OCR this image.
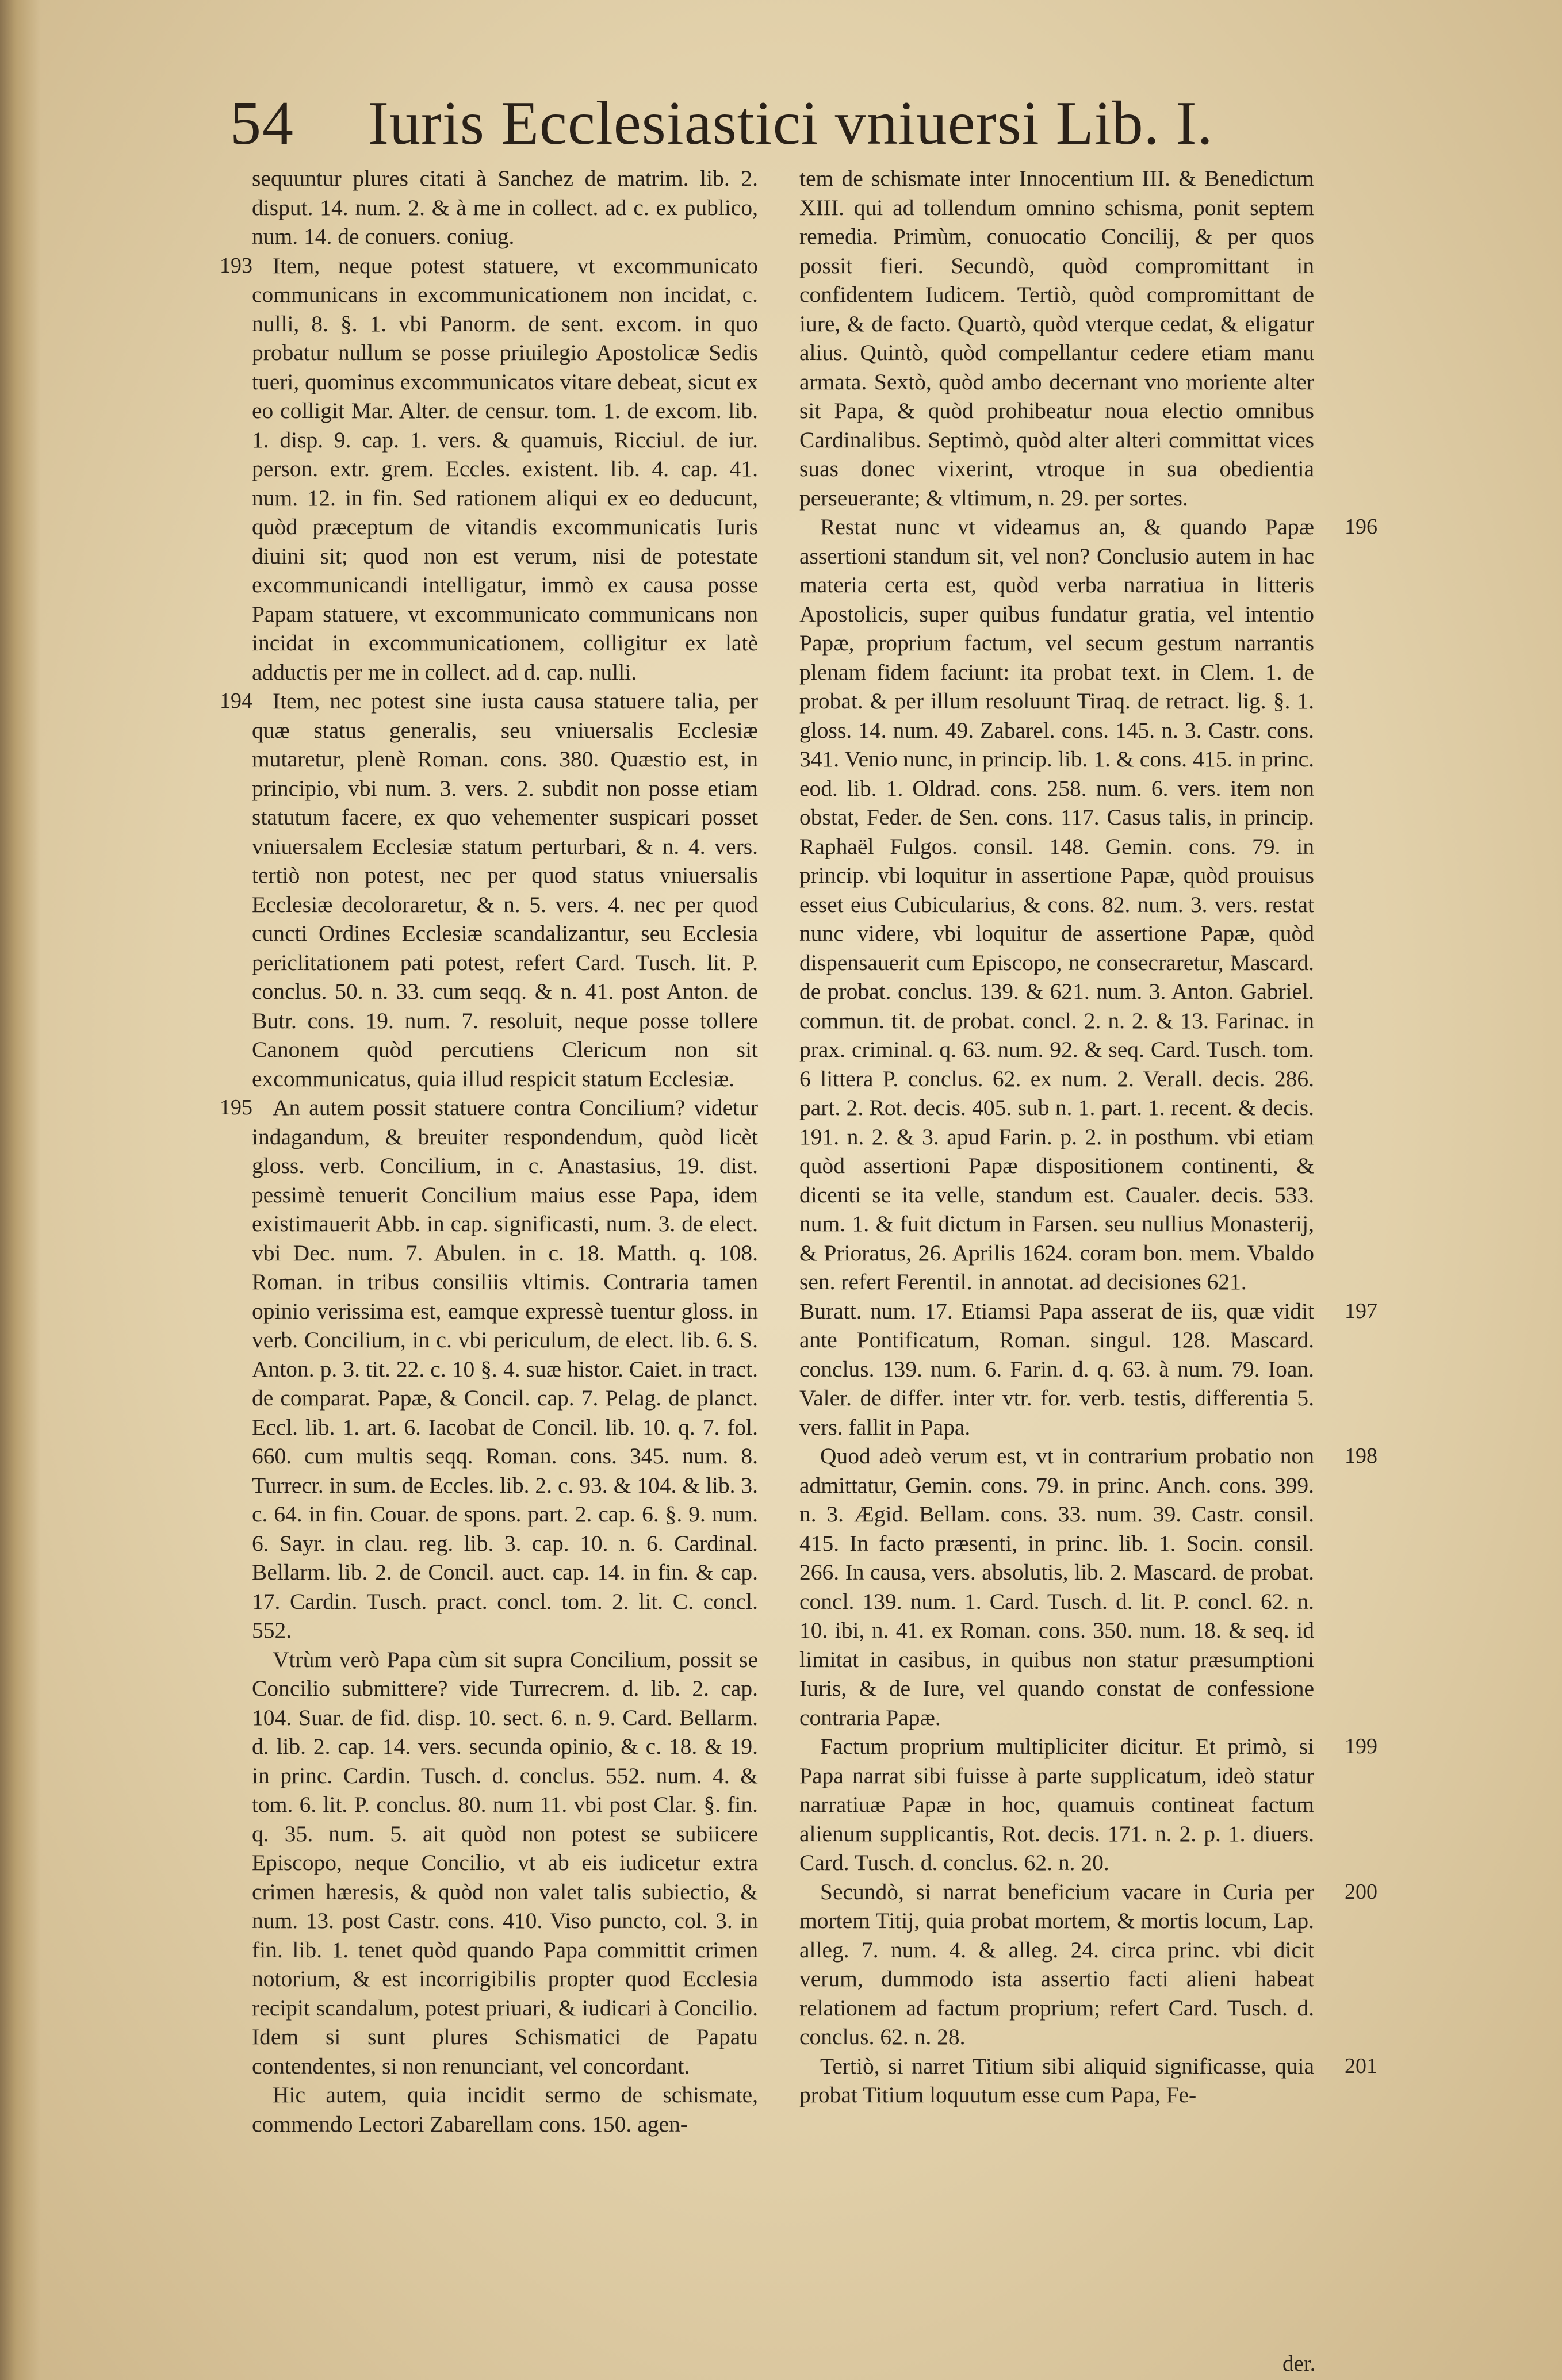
54 Iuris Ecclesiastici vniuersi Lib. I.

sequuntur plures citati à Sanchez de matrim. lib. 2. disput. 14. num. 2. & à me in collect. ad c. ex publico, num. 14. de conuers. coniug.

193 Item, neque potest statuere, vt excommunicato communicans in excommunicationem non incidat, c. nulli, 8. §. 1. vbi Panorm. de sent. excom. in quo probatur nullum se posse priuilegio Apostolicæ Sedis tueri, quominus excommunicatos vitare debeat, sicut ex eo colligit Mar. Alter. de censur. tom. 1. de excom. lib. 1. disp. 9. cap. 1. vers. & quamuis, Ricciul. de iur. person. extr. grem. Eccles. existent. lib. 4. cap. 41. num. 12. in fin. Sed rationem aliqui ex eo deducunt, quòd præceptum de vitandis excommunicatis Iuris diuini sit; quod non est verum, nisi de potestate excommunicandi intelligatur, immò ex causa posse Papam statuere, vt excommunicato communicans non incidat in excommunicationem, colligitur ex latè adductis per me in collect. ad d. cap. nulli.

194 Item, nec potest sine iusta causa statuere talia, per quæ status generalis, seu vniuersalis Ecclesiæ mutaretur, plenè Roman. cons. 380. Quæstio est, in principio, vbi num. 3. vers. 2. subdit non posse etiam statutum facere, ex quo vehementer suspicari posset vniuersalem Ecclesiæ statum perturbari, & n. 4. vers. tertiò non potest, nec per quod status vniuersalis Ecclesiæ decoloraretur, & n. 5. vers. 4. nec per quod cuncti Ordines Ecclesiæ scandalizantur, seu Ecclesia periclitationem pati potest, refert Card. Tusch. lit. P. conclus. 50. n. 33. cum seqq. & n. 41. post Anton. de Butr. cons. 19. num. 7. resoluit, neque posse tollere Canonem quòd percutiens Clericum non sit excommunicatus, quia illud respicit statum Ecclesiæ.

195 An autem possit statuere contra Concilium? videtur indagandum, & breuiter respondendum, quòd licèt gloss. verb. Concilium, in c. Anastasius, 19. dist. pessimè tenuerit Concilium maius esse Papa, idem existimauerit Abb. in cap. significasti, num. 3. de elect. vbi Dec. num. 7. Abulen. in c. 18. Matth. q. 108. Roman. in tribus consiliis vltimis. Contraria tamen opinio verissima est, eamque expressè tuentur gloss. in verb. Concilium, in c. vbi periculum, de elect. lib. 6. S. Anton. p. 3. tit. 22. c. 10 §. 4. suæ histor. Caiet. in tract. de comparat. Papæ, & Concil. cap. 7. Pelag. de planct. Eccl. lib. 1. art. 6. Iacobat de Concil. lib. 10. q. 7. fol. 660. cum multis seqq. Roman. cons. 345. num. 8. Turrecr. in sum. de Eccles. lib. 2. c. 93. & 104. & lib. 3. c. 64. in fin. Couar. de spons. part. 2. cap. 6. §. 9. num. 6. Sayr. in clau. reg. lib. 3. cap. 10. n. 6. Cardinal. Bellarm. lib. 2. de Concil. auct. cap. 14. in fin. & cap. 17. Cardin. Tusch. pract. concl. tom. 2. lit. C. concl. 552.

Vtrùm verò Papa cùm sit supra Concilium, possit se Concilio submittere? vide Turrecrem. d. lib. 2. cap. 104. Suar. de fid. disp. 10. sect. 6. n. 9. Card. Bellarm. d. lib. 2. cap. 14. vers. secunda opinio, & c. 18. & 19. in princ. Cardin. Tusch. d. conclus. 552. num. 4. & tom. 6. lit. P. conclus. 80. num 11. vbi post Clar. §. fin. q. 35. num. 5. ait quòd non potest se subiicere Episcopo, neque Concilio, vt ab eis iudicetur extra crimen hæresis, & quòd non valet talis subiectio, & num. 13. post Castr. cons. 410. Viso puncto, col. 3. in fin. lib. 1. tenet quòd quando Papa committit crimen notorium, & est incorrigibilis propter quod Ecclesia recipit scandalum, potest priuari, & iudicari à Concilio. Idem si sunt plures Schismatici de Papatu contendentes, si non renunciant, vel concordant.

Hic autem, quia incidit sermo de schismate, commendo Lectori Zabarellam cons. 150. agen-

tem de schismate inter Innocentium III. & Benedictum XIII. qui ad tollendum omnino schisma, ponit septem remedia. Primùm, conuocatio Concilij, & per quos possit fieri. Secundò, quòd compromittant in confidentem Iudicem. Tertiò, quòd compromittant de iure, & de facto. Quartò, quòd vterque cedat, & eligatur alius. Quintò, quòd compellantur cedere etiam manu armata. Sextò, quòd ambo decernant vno moriente alter sit Papa, & quòd prohibeatur noua electio omnibus Cardinalibus. Septimò, quòd alter alteri committat vices suas donec vixerint, vtroque in sua obedientia perseuerante; & vltimum, n. 29. per sortes.

196
Restat nunc vt videamus an, & quando Papæ assertioni standum sit, vel non? Conclusio autem in hac materia certa est, quòd verba narratiua in litteris Apostolicis, super quibus fundatur gratia, vel intentio Papæ, proprium factum, vel secum gestum narrantis plenam fidem faciunt: ita probat text. in Clem. 1. de probat. & per illum resoluunt Tiraq. de retract. lig. §. 1. gloss. 14. num. 49. Zabarel. cons. 145. n. 3. Castr. cons. 341. Venio nunc, in princip. lib. 1. & cons. 415. in princ. eod. lib. 1. Oldrad. cons. 258. num. 6. vers. item non obstat, Feder. de Sen. cons. 117. Casus talis, in princip. Raphaël Fulgos. consil. 148. Gemin. cons. 79. in princip. vbi loquitur in assertione Papæ, quòd prouisus esset eius Cubicularius, & cons. 82. num. 3. vers. restat nunc videre, vbi loquitur de assertione Papæ, quòd dispensauerit cum Episcopo, ne consecraretur, Mascard. de probat. conclus. 139. & 621. num. 3. Anton. Gabriel. commun. tit. de probat. concl. 2. n. 2. & 13. Farinac. in prax. criminal. q. 63. num. 92. & seq. Card. Tusch. tom. 6 littera P. conclus. 62. ex num. 2. Verall. decis. 286. part. 2. Rot. decis. 405. sub n. 1. part. 1. recent. & decis. 191. n. 2. & 3. apud Farin. p. 2. in posthum. vbi etiam quòd assertioni Papæ dispositionem continenti, & dicenti se ita velle, standum est. Caualer. decis. 533. num. 1. & fuit dictum in Farsen. seu nullius Monasterij, & Prioratus, 26. Aprilis 1624. coram bon. mem. Vbaldo sen. refert Ferentil. in annotat. ad decisiones 621.

197
Buratt. num. 17. Etiamsi Papa asserat de iis, quæ vidit ante Pontificatum, Roman. singul. 128. Mascard. conclus. 139. num. 6. Farin. d. q. 63. à num. 79. Ioan. Valer. de differ. inter vtr. for. verb. testis, differentia 5. vers. fallit in Papa.

198
Quod adeò verum est, vt in contrarium probatio non admittatur, Gemin. cons. 79. in princ. Anch. cons. 399. n. 3. Ægid. Bellam. cons. 33. num. 39. Castr. consil. 415. In facto præsenti, in princ. lib. 1. Socin. consil. 266. In causa, vers. absolutis, lib. 2. Mascard. de probat. concl. 139. num. 1. Card. Tusch. d. lit. P. concl. 62. n. 10. ibi, n. 41. ex Roman. cons. 350. num. 18. & seq. id limitat in casibus, in quibus non statur præsumptioni Iuris, & de Iure, vel quando constat de confessione contraria Papæ.

199
Factum proprium multipliciter dicitur. Et primò, si Papa narrat sibi fuisse à parte supplicatum, ideò statur narratiuæ Papæ in hoc, quamuis contineat factum alienum supplicantis, Rot. decis. 171. n. 2. p. 1. diuers. Card. Tusch. d. conclus. 62. n. 20.

200
Secundò, si narrat beneficium vacare in Curia per mortem Titij, quia probat mortem, & mortis locum, Lap. alleg. 7. num. 4. & alleg. 24. circa princ. vbi dicit verum, dummodo ista assertio facti alieni habeat relationem ad factum proprium; refert Card. Tusch. d. conclus. 62. n. 28.

201
Tertiò, si narret Titium sibi aliquid significasse, quia probat Titium loquutum esse cum Papa, Fe-

der.
